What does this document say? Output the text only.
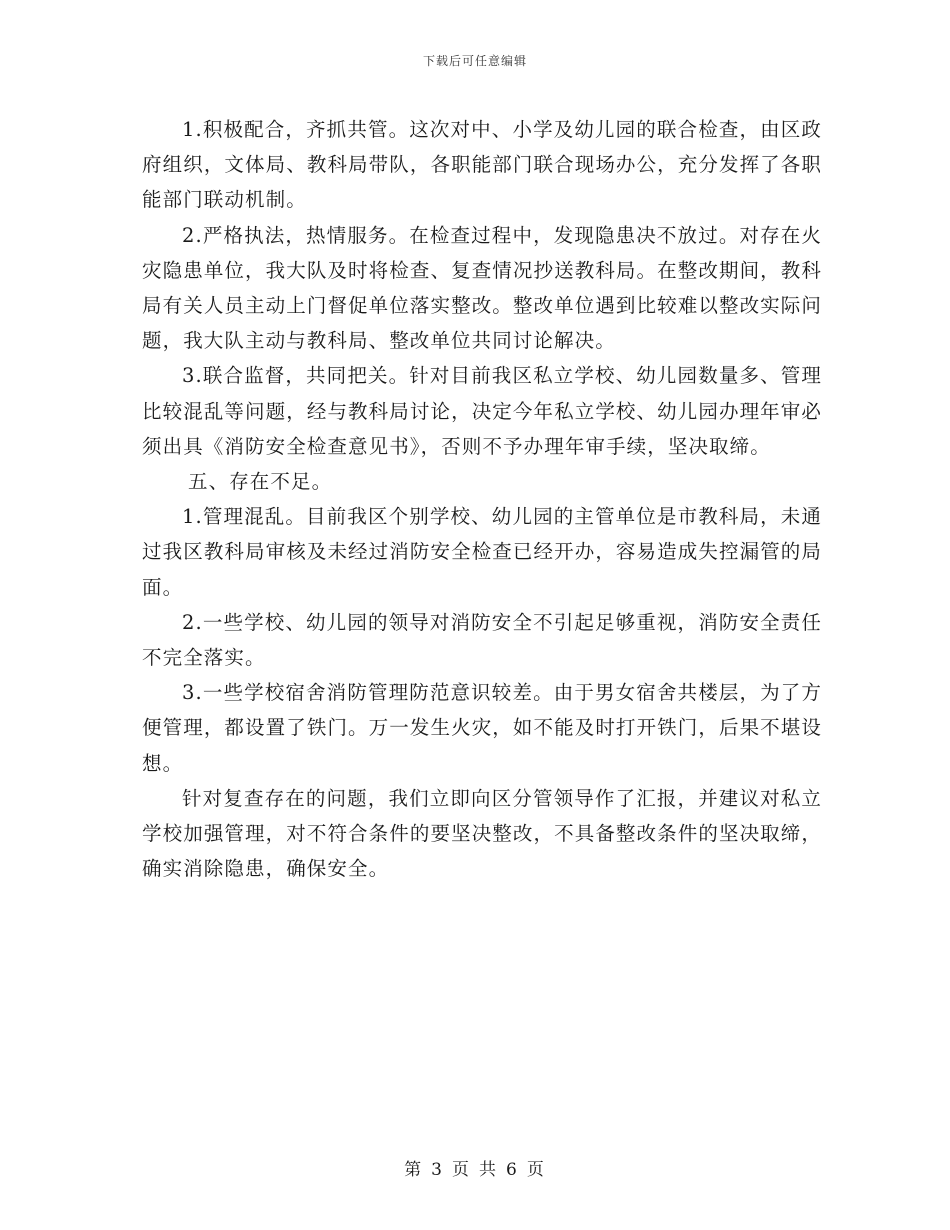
下载后可任意编辑

1.积极配合，齐抓共管。这次对中、小学及幼儿园的联合检查，由区政府组织，文体局、教科局带队，各职能部门联合现场办公，充分发挥了各职能部门联动机制。

2.严格执法，热情服务。在检查过程中，发现隐患决不放过。对存在火灾隐患单位，我大队及时将检查、复查情况抄送教科局。在整改期间，教科局有关人员主动上门督促单位落实整改。整改单位遇到比较难以整改实际问题，我大队主动与教科局、整改单位共同讨论解决。

3.联合监督，共同把关。针对目前我区私立学校、幼儿园数量多、管理比较混乱等问题，经与教科局讨论，决定今年私立学校、幼儿园办理年审必须出具《消防安全检查意见书》，否则不予办理年审手续，坚决取缔。

五、存在不足。

1.管理混乱。目前我区个别学校、幼儿园的主管单位是市教科局，未通过我区教科局审核及未经过消防安全检查已经开办，容易造成失控漏管的局面。

2.一些学校、幼儿园的领导对消防安全不引起足够重视，消防安全责任不完全落实。

3.一些学校宿舍消防管理防范意识较差。由于男女宿舍共楼层，为了方便管理，都设置了铁门。万一发生火灾，如不能及时打开铁门，后果不堪设想。

针对复查存在的问题，我们立即向区分管领导作了汇报，并建议对私立学校加强管理，对不符合条件的要坚决整改，不具备整改条件的坚决取缔，确实消除隐患，确保安全。

第 3 页 共 6 页
